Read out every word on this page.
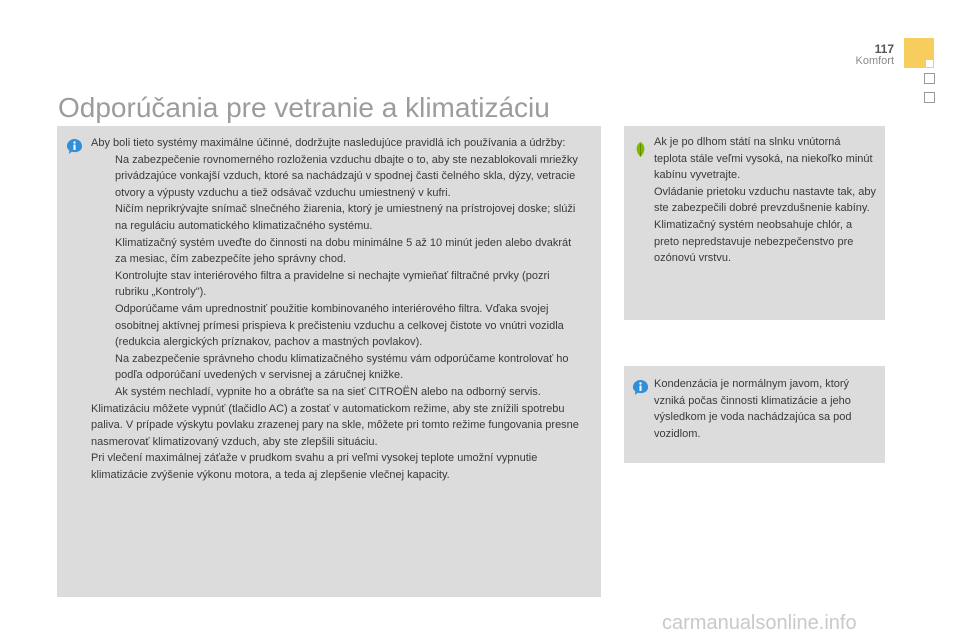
117
Komfort
Odporúčania pre vetranie a klimatizáciu
Aby boli tieto systémy maximálne účinné, dodržujte nasledujúce pravidlá ich používania a údržby:
Na zabezpečenie rovnomerného rozloženia vzduchu dbajte o to, aby ste nezablokovali mriežky privádzajúce vonkajší vzduch, ktoré sa nachádzajú v spodnej časti čelného skla, dýzy, vetracie otvory a výpusty vzduchu a tiež odsávač vzduchu umiestnený v kufri.
Ničím neprikrývajte snímač slnečného žiarenia, ktorý je umiestnený na prístrojovej doske; slúži na reguláciu automatického klimatizačného systému.
Klimatizačný systém uveďte do činnosti na dobu minimálne 5 až 10 minút jeden alebo dvakrát za mesiac, čím zabezpečíte jeho správny chod.
Kontrolujte stav interiérového filtra a pravidelne si nechajte vymieňať filtračné prvky (pozri rubriku „Kontroly").
Odporúčame vám uprednostniť použitie kombinovaného interiérového filtra. Vďaka svojej osobitnej aktívnej prímesi prispieva k prečisteniu vzduchu a celkovej čistote vo vnútri vozidla (redukcia alergických príznakov, pachov a mastných povlakov).
Na zabezpečenie správneho chodu klimatizačného systému vám odporúčame kontrolovať ho podľa odporúčaní uvedených v servisnej a záručnej knižke.
Ak systém nechladí, vypnite ho a obráťte sa na sieť CITROËN alebo na odborný servis.
Klimatizáciu môžete vypnúť (tlačidlo AC) a zostať v automatickom režime, aby ste znížili spotrebu paliva. V prípade výskytu povlaku zrazenej pary na skle, môžete pri tomto režime fungovania presne nasmerovať klimatizovaný vzduch, aby ste zlepšili situáciu.
Pri vlečení maximálnej záťaže v prudkom svahu a pri veľmi vysokej teplote umožní vypnutie klimatizácie zvýšenie výkonu motora, a teda aj zlepšenie vlečnej kapacity.
Ak je po dlhom státí na slnku vnútorná teplota stále veľmi vysoká, na niekoľko minút kabínu vyvetrajte.
Ovládanie prietoku vzduchu nastavte tak, aby ste zabezpečili dobré prevzdušnenie kabíny.
Klimatizačný systém neobsahuje chlór, a preto nepredstavuje nebezpečenstvo pre ozónovú vrstvu.
Kondenzácia je normálnym javom, ktorý vzniká počas činnosti klimatizácie a jeho výsledkom je voda nachádzajúca sa pod vozidlom.
carmanualsonline.info
